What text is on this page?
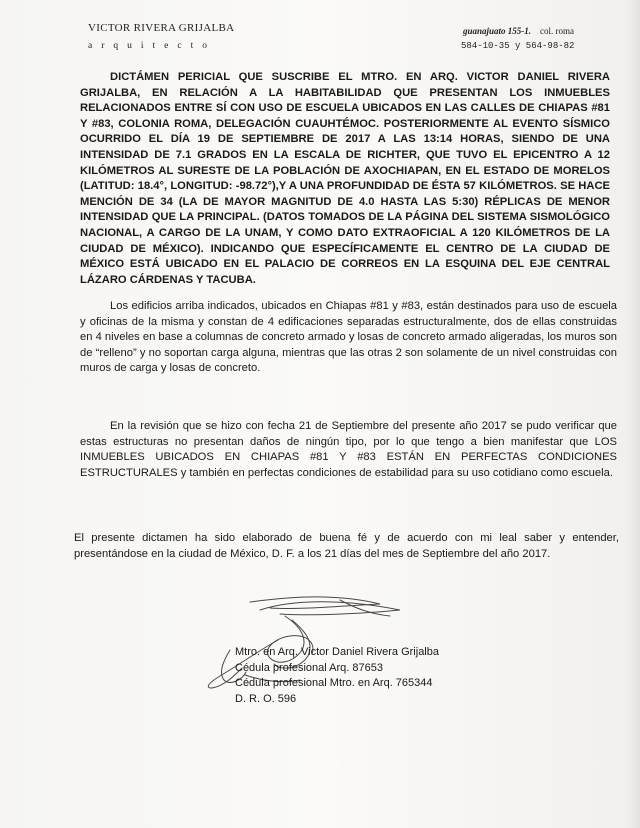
VICTOR RIVERA GRIJALBA
arquitecto
guanajuato 155-1. col. roma
584-10-35 y 564-98-82

DICTÁMEN PERICIAL QUE SUSCRIBE EL MTRO. EN ARQ. VICTOR DANIEL RIVERA GRIJALBA, EN RELACIÓN A LA HABITABILIDAD QUE PRESENTAN LOS INMUEBLES RELACIONADOS ENTRE SÍ CON USO DE ESCUELA UBICADOS EN LAS CALLES DE CHIAPAS #81 Y #83, COLONIA ROMA, DELEGACIÓN CUAUHTÉMOC. POSTERIORMENTE AL EVENTO SÍSMICO OCURRIDO EL DÍA 19 DE SEPTIEMBRE DE 2017 A LAS 13:14 HORAS, SIENDO DE UNA INTENSIDAD DE 7.1 GRADOS EN LA ESCALA DE RICHTER, QUE TUVO EL EPICENTRO A 12 KILÓMETROS AL SURESTE DE LA POBLACIÓN DE AXOCHIAPAN, EN EL ESTADO DE MORELOS (LATITUD: 18.4°, LONGITUD: -98.72°),Y A UNA PROFUNDIDAD DE ÉSTA 57 KILÓMETROS. SE HACE MENCIÓN DE 34 (LA DE MAYOR MAGNITUD DE 4.0 HASTA LAS 5:30) RÉPLICAS DE MENOR INTENSIDAD QUE LA PRINCIPAL. (DATOS TOMADOS DE LA PÁGINA DEL SISTEMA SISMOLÓGICO NACIONAL, A CARGO DE LA UNAM, Y COMO DATO EXTRAOFICIAL A 120 KILÓMETROS DE LA CIUDAD DE MÉXICO). INDICANDO QUE ESPECÍFICAMENTE EL CENTRO DE LA CIUDAD DE MÉXICO ESTÁ UBICADO EN EL PALACIO DE CORREOS EN LA ESQUINA DEL EJE CENTRAL LÁZARO CÁRDENAS Y TACUBA.

Los edificios arriba indicados, ubicados en Chiapas #81 y #83, están destinados para uso de escuela y oficinas de la misma y constan de 4 edificaciones separadas estructuralmente, dos de ellas construidas en 4 niveles en base a columnas de concreto armado y losas de concreto armado aligeradas, los muros son de “relleno” y no soportan carga alguna, mientras que las otras 2 son solamente de un nivel construidas con muros de carga y losas de concreto.

En la revisión que se hizo con fecha 21 de Septiembre del presente año 2017 se pudo verificar que estas estructuras no presentan daños de ningún tipo, por lo que tengo a bien manifestar que LOS INMUEBLES UBICADOS EN CHIAPAS #81 Y #83 ESTÁN EN PERFECTAS CONDICIONES ESTRUCTURALES y también en perfectas condiciones de estabilidad para su uso cotidiano como escuela.

El presente dictamen ha sido elaborado de buena fé y de acuerdo con mi leal saber y entender, presentándose en la ciudad de México, D. F. a los 21 días del mes de Septiembre del año 2017.

Mtro. en Arq. Victor Daniel Rivera Grijalba
Cédula profesional Arq. 87653
Cédula profesional Mtro. en Arq. 765344
D. R. O. 596
